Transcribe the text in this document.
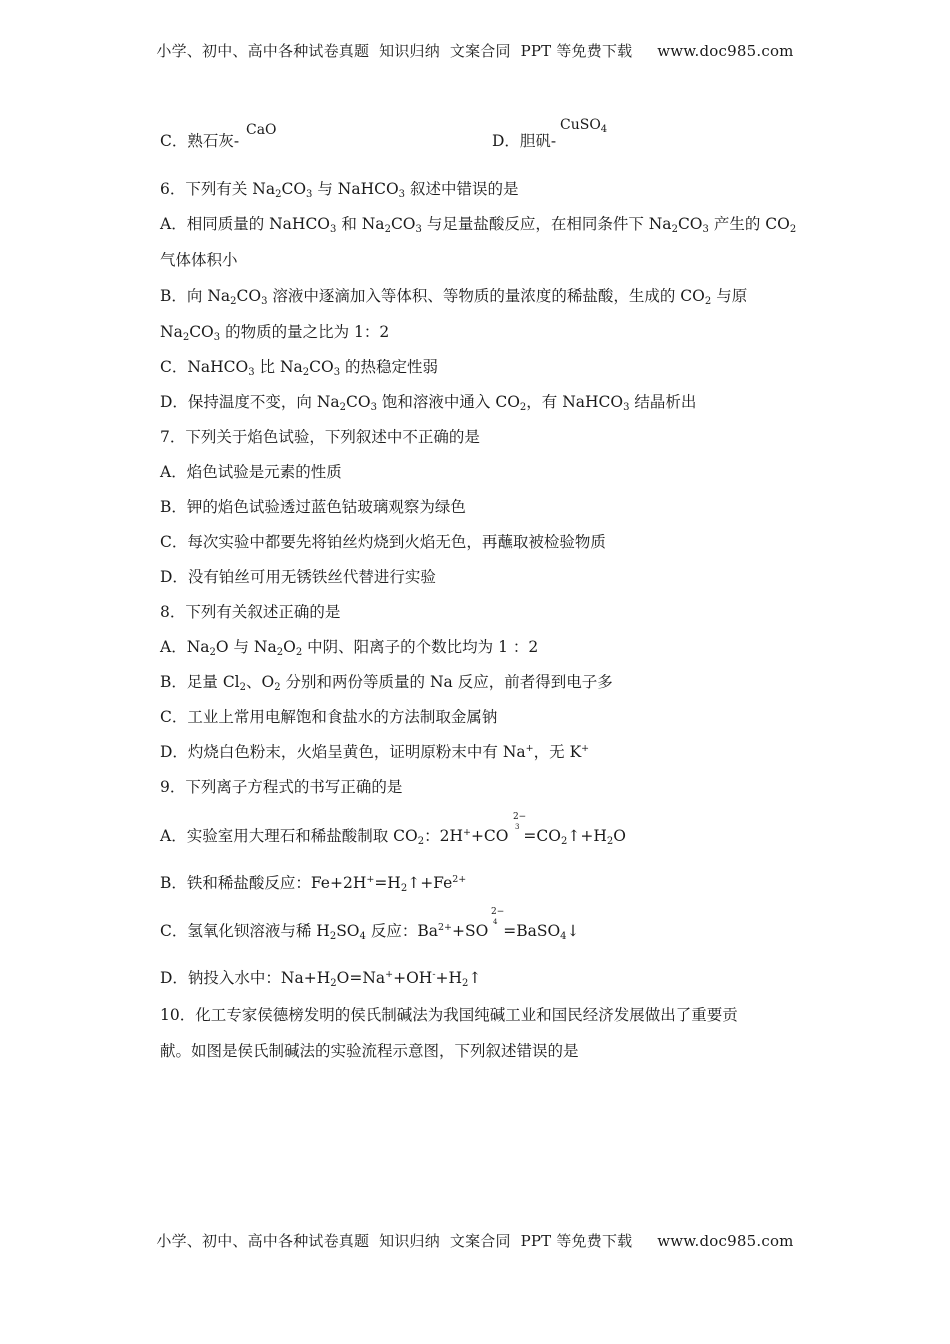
小学、初中、高中各种试卷真题  知识归纳  文案合同  PPT 等免费下载     www.doc985.com
C．熟石灰-
CaO
D．胆矾-
CuSO$_4$
6．下列有关 $Na_2CO_3$ 与 NaHCO$_3$ 叙述中错误的是
A．相同质量的 NaHCO$_3$ 和 $Na_2CO_3$ 与足量盐酸反应，在相同条件下 $Na_2CO_3$ 产生的 $CO_2$
气体体积小
B．向 $Na_2CO_3$ 溶液中逐滴加入等体积、等物质的量浓度的稀盐酸，生成的 $CO_2$ 与原
$Na_2CO_3$ 的物质的量之比为 1：2
C．NaHCO$_3$ 比 $Na_2CO_3$ 的热稳定性弱
D．保持温度不变，向 $Na_2CO_3$ 饱和溶液中通入 $CO_2$，有 NaHCO$_3$ 结晶析出
7．下列关于焰色试验，下列叙述中不正确的是
A．焰色试验是元素的性质
B．钾的焰色试验透过蓝色钴玻璃观察为绿色
C．每次实验中都要先将铂丝灼烧到火焰无色，再蘸取被检验物质
D．没有铂丝可用无锈铁丝代替进行实验
8．下列有关叙述正确的是
A．$Na_2O$ 与 $Na_2O_2$ 中阴、阳离子的个数比均为 1 ：2
B．足量 $Cl_2$、$O_2$ 分别和两份等质量的 Na 反应，前者得到电子多
C．工业上常用电解饱和食盐水的方法制取金属钠
D．灼烧白色粉末，火焰呈黄色，证明原粉末中有 Na+，无 K+
9．下列离子方程式的书写正确的是
A．实验室用大理石和稀盐酸制取 $CO_2$：2H++CO
2−
$3 =CO_2↑+H_2O$
B．铁和稀盐酸反应：$Fe+2H^+=H_2↑+Fe^{2+}$
C．氢氧化钡溶液与稀 $H_2SO_4$ 反应：$Ba^{2+}+SO$
2−
4 =BaSO$_4$↓
D．钠投入水中：$Na+H_2O=Na^++OH^-+H_2↑$
10．化工专家侯德榜发明的侯氏制碱法为我国纯碱工业和国民经济发展做出了重要贡
献。如图是侯氏制碱法的实验流程示意图，下列叙述错误的是
小学、初中、高中各种试卷真题  知识归纳  文案合同  PPT 等免费下载     www.doc985.com
